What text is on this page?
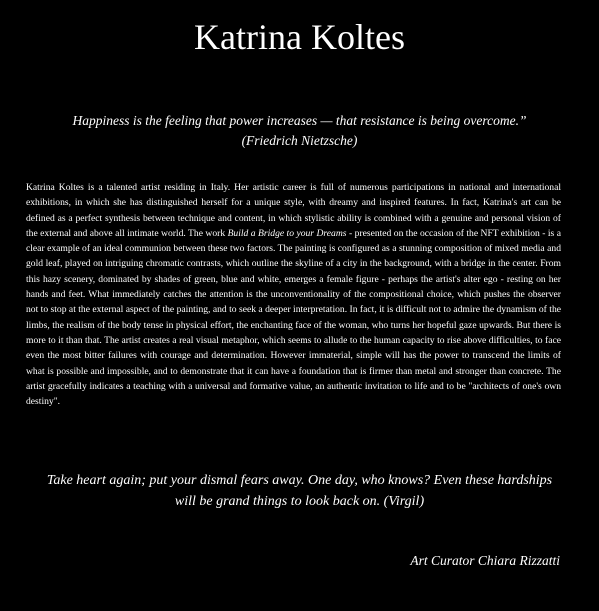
Katrina Koltes
Happiness is the feeling that power increases — that resistance is being overcome.”
(Friedrich Nietzsche)
Katrina Koltes is a talented artist residing in Italy. Her artistic career is full of numerous participations in national and international exhibitions, in which she has distinguished herself for a unique style, with dreamy and inspired features. In fact, Katrina's art can be defined as a perfect synthesis between technique and content, in which stylistic ability is combined with a genuine and personal vision of the external and above all intimate world. The work Build a Bridge to your Dreams - presented on the occasion of the NFT exhibition - is a clear example of an ideal communion between these two factors. The painting is configured as a stunning composition of mixed media and gold leaf, played on intriguing chromatic contrasts, which outline the skyline of a city in the background, with a bridge in the center. From this hazy scenery, dominated by shades of green, blue and white, emerges a female figure - perhaps the artist's alter ego - resting on her hands and feet. What immediately catches the attention is the unconventionality of the compositional choice, which pushes the observer not to stop at the external aspect of the painting, and to seek a deeper interpretation. In fact, it is difficult not to admire the dynamism of the limbs, the realism of the body tense in physical effort, the enchanting face of the woman, who turns her hopeful gaze upwards. But there is more to it than that. The artist creates a real visual metaphor, which seems to allude to the human capacity to rise above difficulties, to face even the most bitter failures with courage and determination. However immaterial, simple will has the power to transcend the limits of what is possible and impossible, and to demonstrate that it can have a foundation that is firmer than metal and stronger than concrete. The artist gracefully indicates a teaching with a universal and formative value, an authentic invitation to life and to be "architects of one's own destiny".
Take heart again; put your dismal fears away. One day, who knows? Even these hardships
will be grand things to look back on. (Virgil)
Art Curator Chiara Rizzatti
